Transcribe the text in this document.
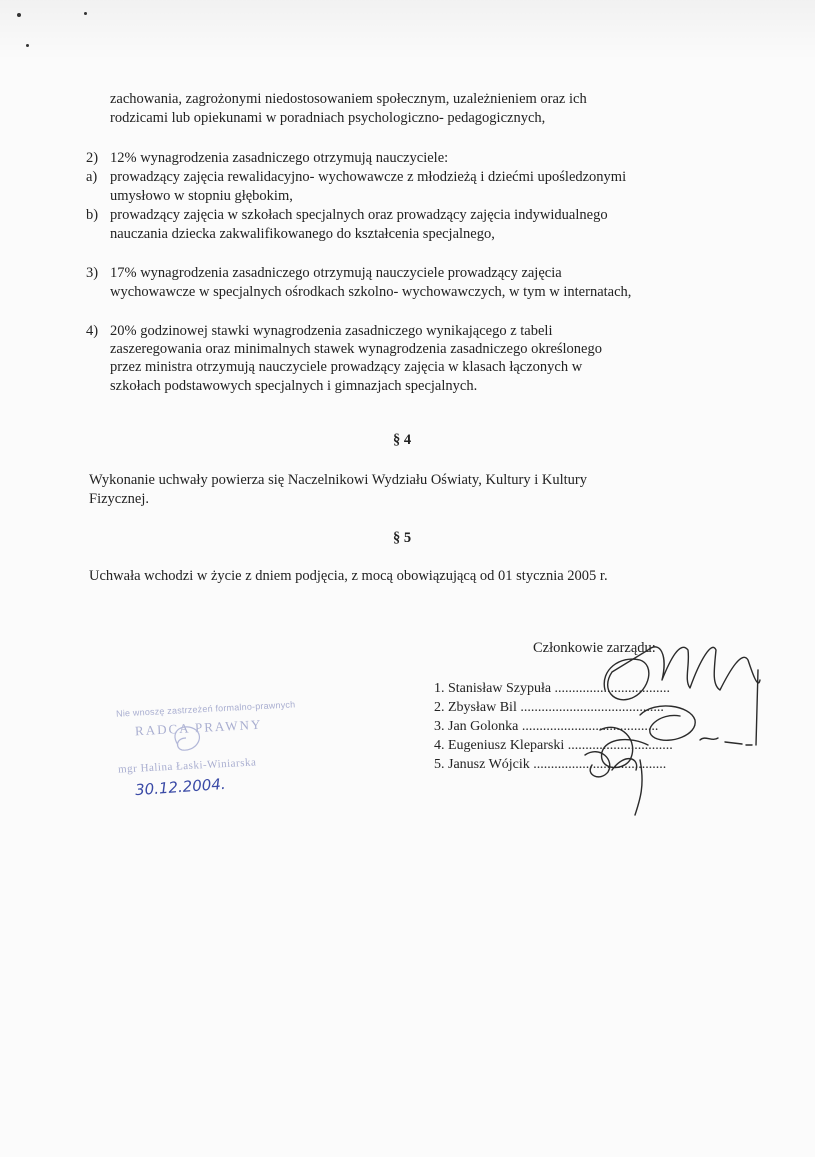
zachowania, zagrożonymi niedostosowaniem społecznym, uzależnieniem oraz ich
rodzicami lub opiekunami w poradniach psychologiczno- pedagogicznych,
2) 12% wynagrodzenia zasadniczego otrzymują nauczyciele:
a) prowadzący zajęcia rewalidacyjno- wychowawcze z młodzieżą i dziećmi upośledzonymi
umysłowo w stopniu głębokim,
b) prowadzący zajęcia w szkołach specjalnych oraz prowadzący zajęcia indywidualnego
nauczania dziecka zakwalifikowanego do kształcenia specjalnego,
3) 17% wynagrodzenia zasadniczego otrzymują nauczyciele prowadzący zajęcia
wychowawcze w specjalnych ośrodkach szkolno- wychowawczych, w tym w internatach,
4) 20% godzinowej stawki wynagrodzenia zasadniczego wynikającego z tabeli
zaszeregowania oraz minimalnych stawek wynagrodzenia zasadniczego określonego
przez ministra otrzymują nauczyciele prowadzący zajęcia w klasach łączonych w
szkołach podstawowych specjalnych i gimnazjach specjalnych.
§ 4
Wykonanie uchwały powierza się Naczelnikowi Wydziału Oświaty, Kultury i Kultury
Fizycznej.
§ 5
Uchwała wchodzi w życie z dniem podjęcia, z mocą obowiązującą od 01 stycznia 2005 r.
Członkowie zarządu:
1. Stanisław Szypuła .................................
2. Zbysław Bil .........................................
3. Jan Golonka .......................................
4. Eugeniusz Kleparski ..............................
5. Janusz Wójcik ......................................
Nie wnoszę zastrzeżeń formalno-prawnych
RADCA PRAWNY
mgr Halina Łaski-Winiarska
30.12.2004.
